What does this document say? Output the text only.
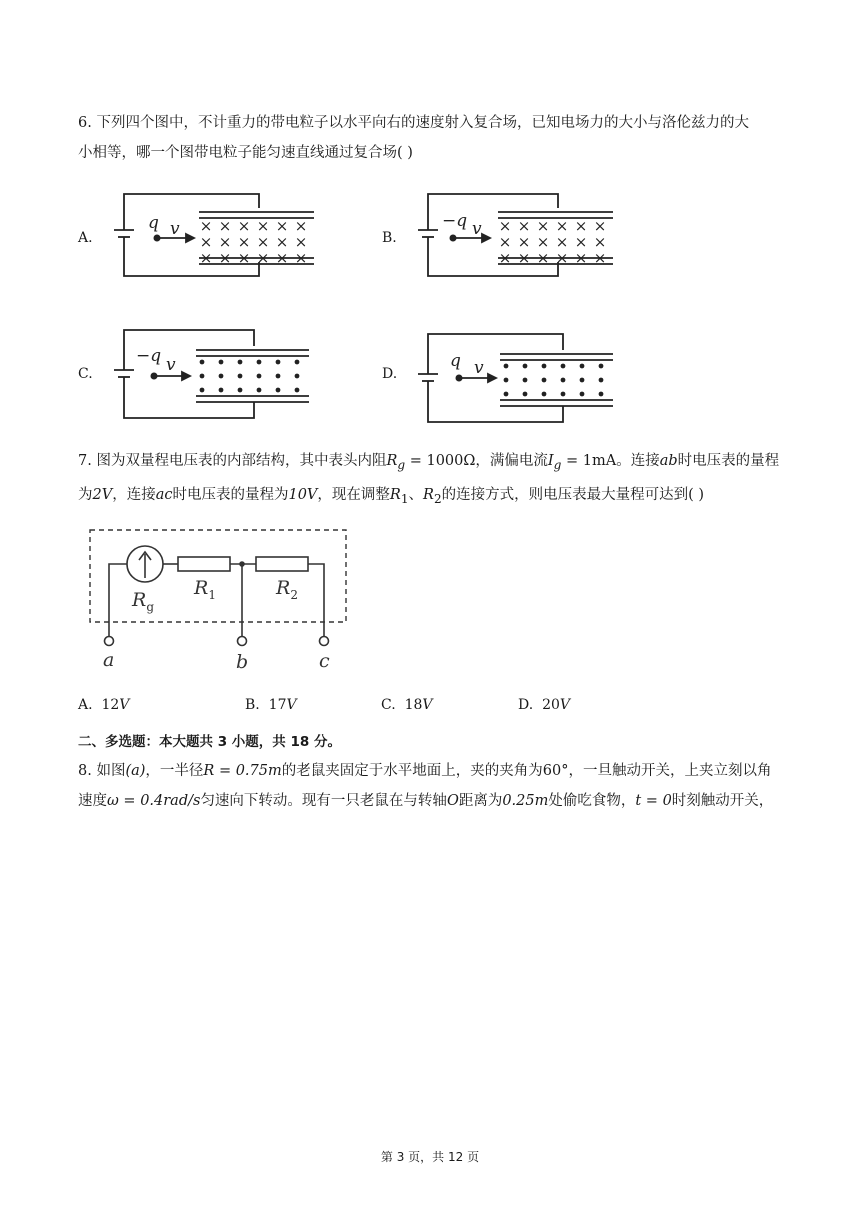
6. 下列四个图中，不计重力的带电粒子以水平向右的速度射入复合场，已知电场力的大小与洛伦兹力的大
小相等，哪一个图带电粒子能匀速直线通过复合场( )
A.	B.
C.	D.
q v × × × × × ×
× × × × × ×
× × × × × ×
−q v × × × × × ×
× × × × × ×
× × × × × ×
−q v	q v
7. 图为双量程电压表的内部结构，其中表头内阻$R_g = 1000\Omega$，满偏电流$I_g = 1mA$。连接ab时电压表的量程
为2V，连接ac时电压表的量程为10V，现在调整$R_1$、$R_2$的连接方式，则电压表最大量程可达到( )
$R_g$
$R_1$	$R_2$
a	b	c
A. 12V	B. 17V	C. 18V	D. 20V
二、多选题：本大题共 3 小题，共 18 分。
8. 如图(a)，一半径R = 0.75m的老鼠夹固定于水平地面上，夹的夹角为60°，一旦触动开关，上夹立刻以角
速度ω = 0.4rad/s匀速向下转动。现有一只老鼠在与转轴O距离为0.25m处偷吃食物，t = 0时刻触动开关，
第 3 页，共 12 页
